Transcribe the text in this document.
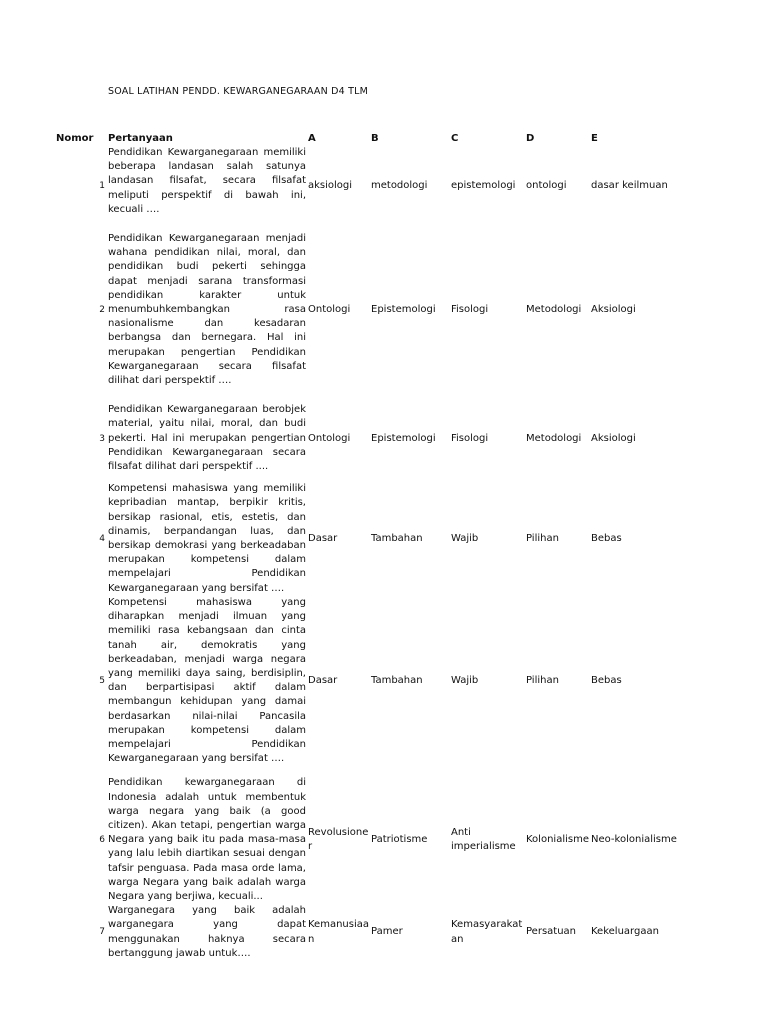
SOAL LATIHAN PENDD. KEWARGANEGARAAN D4 TLM
Nomor	Pertanyaan	A	B	C	D	E
1	Pendidikan Kewarganegaraan memiliki beberapa landasan salah satunya landasan filsafat, secara filsafat meliputi perspektif di bawah ini, kecuali ….	aksiologi	metodologi	epistemologi	ontologi	dasar keilmuan

2	Pendidikan Kewarganegaraan menjadi wahana pendidikan nilai, moral, dan pendidikan budi pekerti sehingga dapat menjadi sarana transformasi pendidikan karakter untuk menumbuhkembangkan rasa nasionalisme dan kesadaran berbangsa dan bernegara. Hal ini merupakan pengertian Pendidikan Kewarganegaraan secara filsafat dilihat dari perspektif ….	Ontologi	Epistemologi	Fisologi	Metodologi	Aksiologi

3	Pendidikan Kewarganegaraan berobjek material, yaitu nilai, moral, dan budi pekerti. Hal ini merupakan pengertian Pendidikan Kewarganegaraan secara filsafat dilihat dari perspektif ....	Ontologi	Epistemologi	Fisologi	Metodologi	Aksiologi

4	Kompetensi mahasiswa yang memiliki kepribadian mantap, berpikir kritis, bersikap rasional, etis, estetis, dan dinamis, berpandangan luas, dan bersikap demokrasi yang berkeadaban merupakan kompetensi dalam mempelajari Pendidikan Kewarganegaraan yang bersifat ….	Dasar	Tambahan	Wajib	Pilihan	Bebas
5	Kompetensi mahasiswa yang diharapkan menjadi ilmuan yang memiliki rasa kebangsaan dan cinta tanah air, demokratis yang berkeadaban, menjadi warga negara yang memiliki daya saing, berdisiplin, dan berpartisipasi aktif dalam membangun kehidupan yang damai berdasarkan nilai-nilai Pancasila merupakan kompetensi dalam mempelajari Pendidikan Kewarganegaraan yang bersifat ….	Dasar	Tambahan	Wajib	Pilihan	Bebas

6	Pendidikan kewarganegaraan di Indonesia adalah untuk membentuk warga negara yang baik (a good citizen). Akan tetapi, pengertian warga Negara yang baik itu pada masa-masa yang lalu lebih diartikan sesuai dengan tafsir penguasa. Pada masa orde lama, warga Negara yang baik adalah warga Negara yang berjiwa, kecuali...	Revolusioner	Patriotisme	Anti imperialisme	Kolonialisme	Neo-kolonialisme
7	Warganegara yang baik adalah warganegara yang dapat menggunakan haknya secara bertanggung jawab untuk….	Kemanusiaan	Pamer	Kemasyarakatan	Persatuan	Kekeluargaan
